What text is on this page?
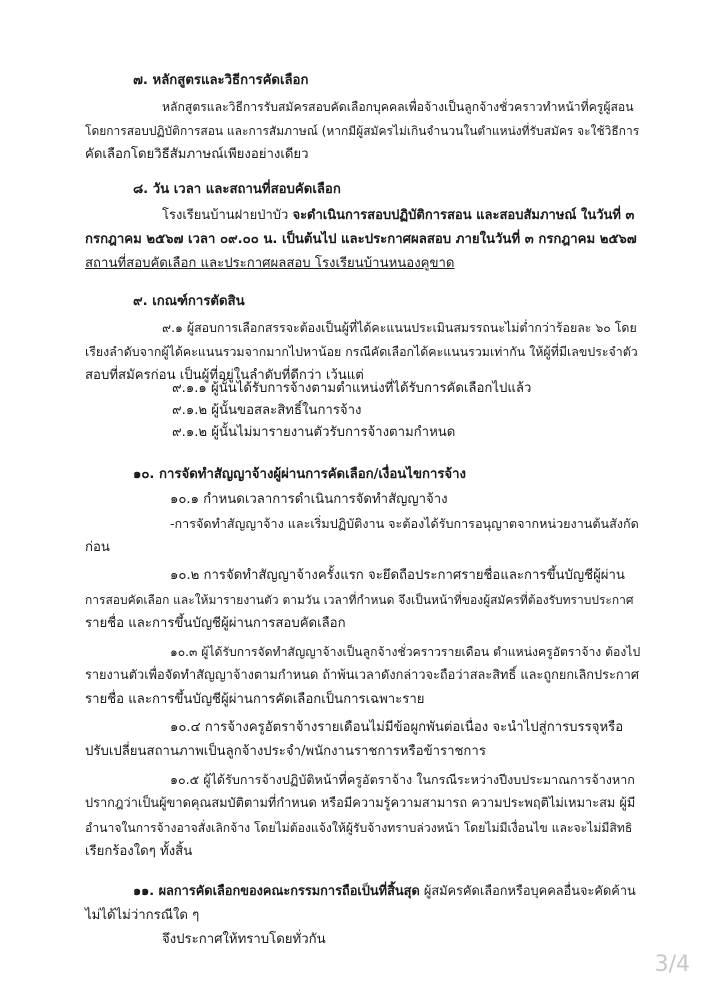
๗. หลักสูตรและวิธีการคัดเลือก
หลักสูตรและวิธีการรับสมัครสอบคัดเลือกบุคคลเพื่อจ้างเป็นลูกจ้างชั่วคราวทำหน้าที่ครูผู้สอน
โดยการสอบปฏิบัติการสอน และการสัมภาษณ์ (หากมีผู้สมัครไม่เกินจำนวนในตำแหน่งที่รับสมัคร จะใช้วิธีการ
คัดเลือกโดยวิธีสัมภาษณ์เพียงอย่างเดียว
๘. วัน เวลา และสถานที่สอบคัดเลือก
โรงเรียนบ้านฝายป่าบัว จะดำเนินการสอบปฏิบัติการสอน และสอบสัมภาษณ์ ในวันที่ ๓
กรกฎาคม ๒๕๖๗ เวลา ๐๙.๐๐ น. เป็นต้นไป และประกาศผลสอบ ภายในวันที่ ๓ กรกฎาคม ๒๕๖๗
สถานที่สอบคัดเลือก และประกาศผลสอบ โรงเรียนบ้านหนองคูขาด
๙. เกณฑ์การตัดสิน
๙.๑ ผู้สอบการเลือกสรรจะต้องเป็นผู้ที่ได้คะแนนประเมินสมรรถนะไม่ต่ำกว่าร้อยละ ๖๐ โดย
เรียงลำดับจากผู้ได้คะแนนรวมจากมากไปหาน้อย กรณีคัดเลือกได้คะแนนรวมเท่ากัน ให้ผู้ที่มีเลขประจำตัว
สอบที่สมัครก่อน เป็นผู้ที่อยู่ในลำดับที่ดีกว่า เว้นแต่
๙.๑.๑ ผู้นั้นได้รับการจ้างตามตำแหน่งที่ได้รับการคัดเลือกไปแล้ว
๙.๑.๒ ผู้นั้นขอสละสิทธิ์ในการจ้าง
๙.๑.๒ ผู้นั้นไม่มารายงานตัวรับการจ้างตามกำหนด
๑๐. การจัดทำสัญญาจ้างผู้ผ่านการคัดเลือก/เงื่อนไขการจ้าง
๑๐.๑ กำหนดเวลาการดำเนินการจัดทำสัญญาจ้าง
-การจัดทำสัญญาจ้าง และเริ่มปฏิบัติงาน จะต้องได้รับการอนุญาตจากหน่วยงานต้นสังกัด
ก่อน
๑๐.๒ การจัดทำสัญญาจ้างครั้งแรก จะยึดถือประกาศรายชื่อและการขึ้นบัญชีผู้ผ่าน
การสอบคัดเลือก และให้มารายงานตัว ตามวัน เวลาที่กำหนด จึงเป็นหน้าที่ของผู้สมัครที่ต้องรับทราบประกาศ
รายชื่อ และการขึ้นบัญชีผู้ผ่านการสอบคัดเลือก
๑๐.๓ ผู้ได้รับการจัดทำสัญญาจ้างเป็นลูกจ้างชั่วคราวรายเดือน ตำแหน่งครูอัตราจ้าง ต้องไป
รายงานตัวเพื่อจัดทำสัญญาจ้างตามกำหนด ถ้าพ้นเวลาดังกล่าวจะถือว่าสละสิทธิ์ และถูกยกเลิกประกาศ
รายชื่อ และการขึ้นบัญชีผู้ผ่านการคัดเลือกเป็นการเฉพาะราย
๑๐.๔ การจ้างครูอัตราจ้างรายเดือนไม่มีข้อผูกพันต่อเนื่อง จะนำไปสู่การบรรจุหรือ
ปรับเปลี่ยนสถานภาพเป็นลูกจ้างประจำ/พนักงานราชการหรือข้าราชการ
๑๐.๕ ผู้ได้รับการจ้างปฏิบัติหน้าที่ครูอัตราจ้าง ในกรณีระหว่างปีงบประมาณการจ้างหาก
ปรากฎว่าเป็นผู้ขาดคุณสมบัติตามที่กำหนด หรือมีความรู้ความสามารถ ความประพฤติไม่เหมาะสม ผู้มี
อำนาจในการจ้างอาจสั่งเลิกจ้าง โดยไม่ต้องแจ้งให้ผู้รับจ้างทราบล่วงหน้า โดยไม่มีเงื่อนไข และจะไม่มีสิทธิ
เรียกร้องใดๆ ทั้งสิ้น
๑๑. ผลการคัดเลือกของคณะกรรมการถือเป็นที่สิ้นสุด ผู้สมัครคัดเลือกหรือบุคคลอื่นจะคัดค้าน
ไม่ได้ไม่ว่ากรณีใด ๆ
จึงประกาศให้ทราบโดยทั่วกัน
3/4
